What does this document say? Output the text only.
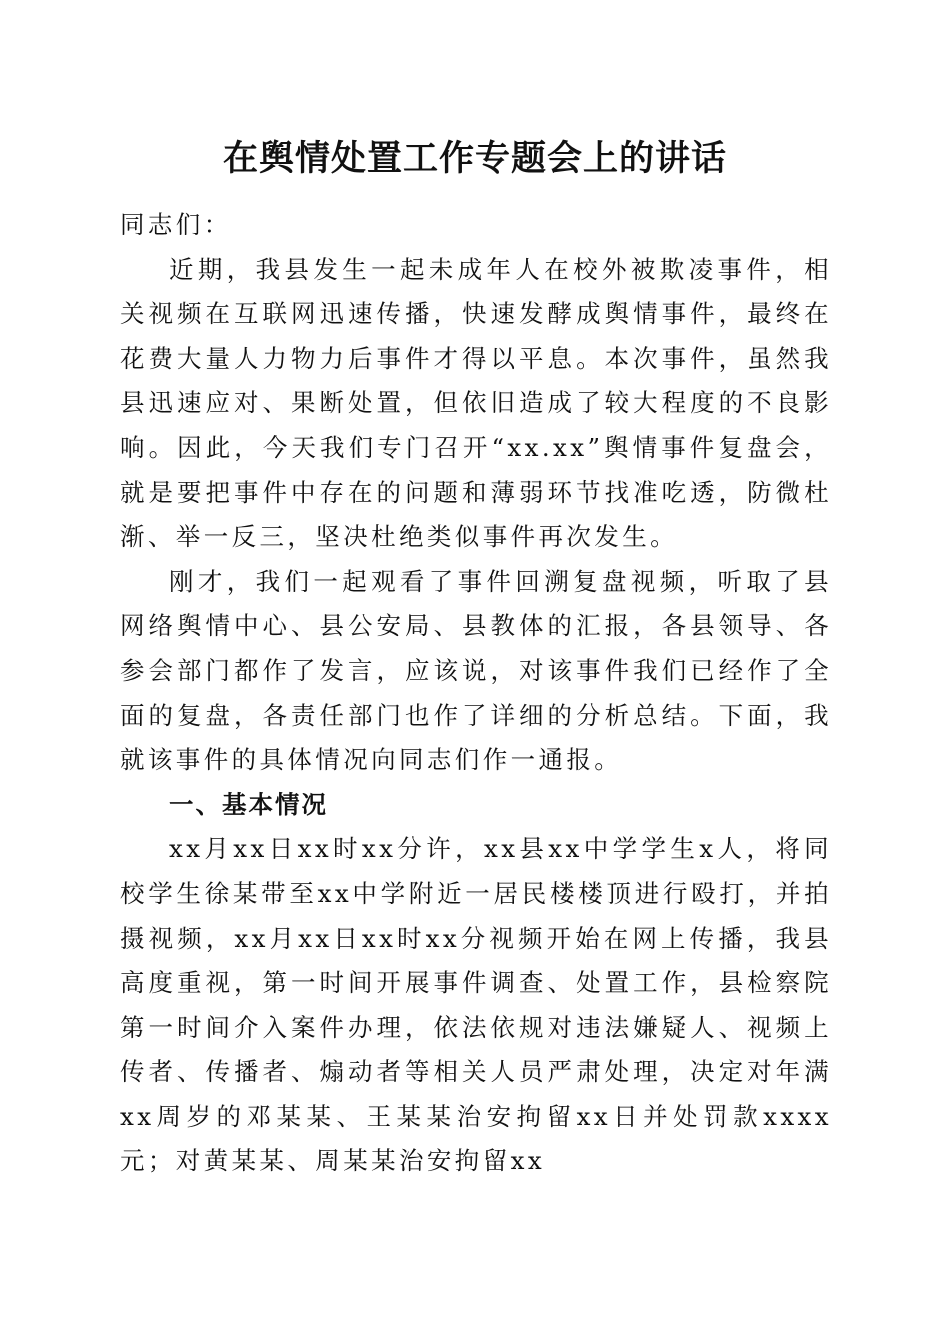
在舆情处置工作专题会上的讲话

同志们：

近期，我县发生一起未成年人在校外被欺凌事件，相关视频在互联网迅速传播，快速发酵成舆情事件，最终在花费大量人力物力后事件才得以平息。本次事件，虽然我县迅速应对、果断处置，但依旧造成了较大程度的不良影响。因此，今天我们专门召开“xx.xx”舆情事件复盘会，就是要把事件中存在的问题和薄弱环节找准吃透，防微杜渐、举一反三，坚决杜绝类似事件再次发生。

刚才，我们一起观看了事件回溯复盘视频，听取了县网络舆情中心、县公安局、县教体的汇报，各县领导、各参会部门都作了发言，应该说，对该事件我们已经作了全面的复盘，各责任部门也作了详细的分析总结。下面，我就该事件的具体情况向同志们作一通报。

一、基本情况

xx月xx日xx时xx分许，xx县xx中学学生x人，将同校学生徐某带至xx中学附近一居民楼楼顶进行殴打，并拍摄视频，xx月xx日xx时xx分视频开始在网上传播，我县高度重视，第一时间开展事件调查、处置工作，县检察院第一时间介入案件办理，依法依规对违法嫌疑人、视频上传者、传播者、煽动者等相关人员严肃处理，决定对年满xx周岁的邓某某、王某某治安拘留xx日并处罚款xxxx元；对黄某某、周某某治安拘留xx
